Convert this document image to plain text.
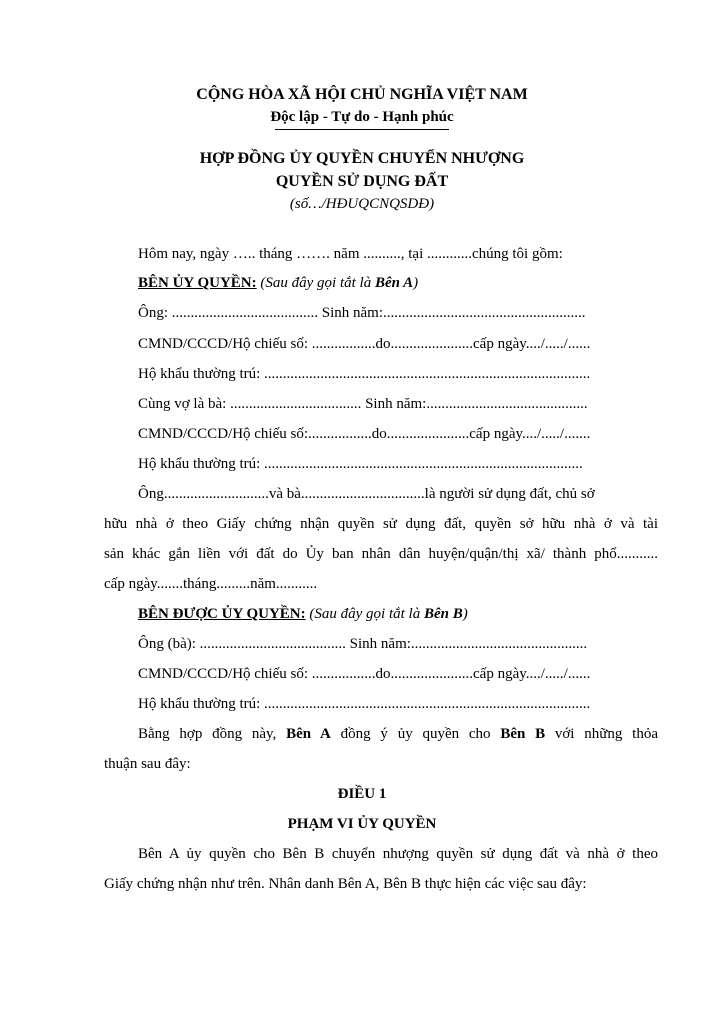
CỘNG HÒA XÃ HỘI CHỦ NGHĨA VIỆT NAM
Độc lập - Tự do - Hạnh phúc
HỢP ĐỒNG ỦY QUYỀN CHUYỂN NHƯỢNG
QUYỀN SỬ DỤNG ĐẤT
(số…/HĐUQCNQSDĐ)
Hôm nay, ngày ….. tháng ……. năm .........., tại ............chúng tôi gồm:
BÊN ỦY QUYỀN: (Sau đây gọi tắt là Bên A)
Ông: ....................................... Sinh năm:......................................................
CMND/CCCD/Hộ chiếu số: .................do......................cấp ngày..../...../......
Hộ khẩu thường trú: .......................................................................................
Cùng vợ là bà: ................................... Sinh năm:...........................................
CMND/CCCD/Hộ chiếu số:.................do......................cấp ngày..../...../.......
Hộ khẩu thường trú: .....................................................................................
Ông............................và bà.................................là người sử dụng đất, chủ sở
hữu nhà ở theo Giấy chứng nhận quyền sử dụng đất, quyền sở hữu nhà ở và tài
sản khác gắn liền với đất do Ủy ban nhân dân huyện/quận/thị xã/ thành phố...........
cấp ngày.......tháng.........năm...........
BÊN ĐƯỢC ỦY QUYỀN: (Sau đây gọi tắt là Bên B)
Ông (bà): ....................................... Sinh năm:...............................................
CMND/CCCD/Hộ chiếu số: .................do......................cấp ngày..../...../......
Hộ khẩu thường trú: .......................................................................................
Bằng hợp đồng này, Bên A đồng ý ủy quyền cho Bên B với những thỏa
thuận sau đây:
ĐIỀU 1
PHẠM VI ỦY QUYỀN
Bên A ủy quyền cho Bên B chuyển nhượng quyền sử dụng đất và nhà ở theo
Giấy chứng nhận như trên. Nhân danh Bên A, Bên B thực hiện các việc sau đây:
